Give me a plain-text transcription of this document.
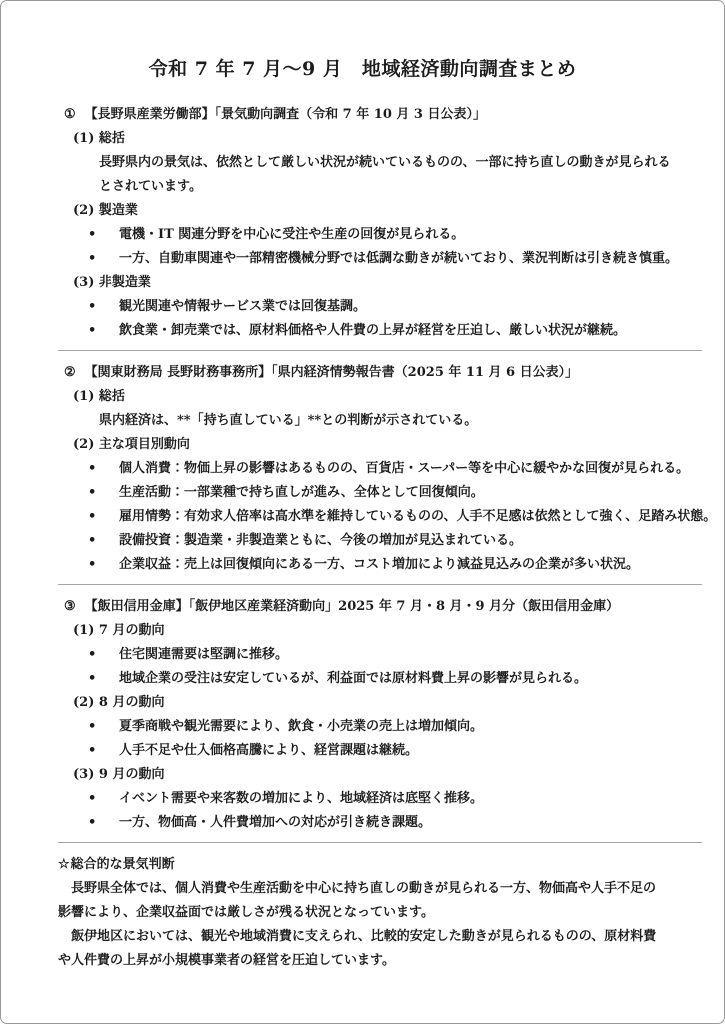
令和 7 年 7 月～9 月　地域経済動向調査まとめ
① 【長野県産業労働部】「景気動向調査（令和 7 年 10 月 3 日公表）」
(1) 総括
長野県内の景気は、依然として厳しい状況が続いているものの、一部に持ち直しの動きが見られる
とされています。
(2) 製造業
•	電機・IT 関連分野を中心に受注や生産の回復が見られる。
•	一方、自動車関連や一部精密機械分野では低調な動きが続いており、業況判断は引き続き慎重。
(3) 非製造業
•	観光関連や情報サービス業では回復基調。
•	飲食業・卸売業では、原材料価格や人件費の上昇が経営を圧迫し、厳しい状況が継続。
② 【関東財務局 長野財務事務所】「県内経済情勢報告書（2025 年 11 月 6 日公表）」
(1) 総括
県内経済は、**「持ち直している」**との判断が示されている。
(2) 主な項目別動向
•	個人消費：物価上昇の影響はあるものの、百貨店・スーパー等を中心に緩やかな回復が見られる。
•	生産活動：一部業種で持ち直しが進み、全体として回復傾向。
•	雇用情勢：有効求人倍率は高水準を維持しているものの、人手不足感は依然として強く、足踏み状態。
•	設備投資：製造業・非製造業ともに、今後の増加が見込まれている。
•	企業収益：売上は回復傾向にある一方、コスト増加により減益見込みの企業が多い状況。
③ 【飯田信用金庫】「飯伊地区産業経済動向」2025 年 7 月・8 月・9 月分（飯田信用金庫）
(1) 7 月の動向
•	住宅関連需要は堅調に推移。
•	地域企業の受注は安定しているが、利益面では原材料費上昇の影響が見られる。
(2) 8 月の動向
•	夏季商戦や観光需要により、飲食・小売業の売上は増加傾向。
•	人手不足や仕入価格高騰により、経営課題は継続。
(3) 9 月の動向
•	イベント需要や来客数の増加により、地域経済は底堅く推移。
•	一方、物価高・人件費増加への対応が引き続き課題。
☆総合的な景気判断
長野県全体では、個人消費や生産活動を中心に持ち直しの動きが見られる一方、物価高や人手不足の
影響により、企業収益面では厳しさが残る状況となっています。
飯伊地区においては、観光や地域消費に支えられ、比較的安定した動きが見られるものの、原材料費
や人件費の上昇が小規模事業者の経営を圧迫しています。
